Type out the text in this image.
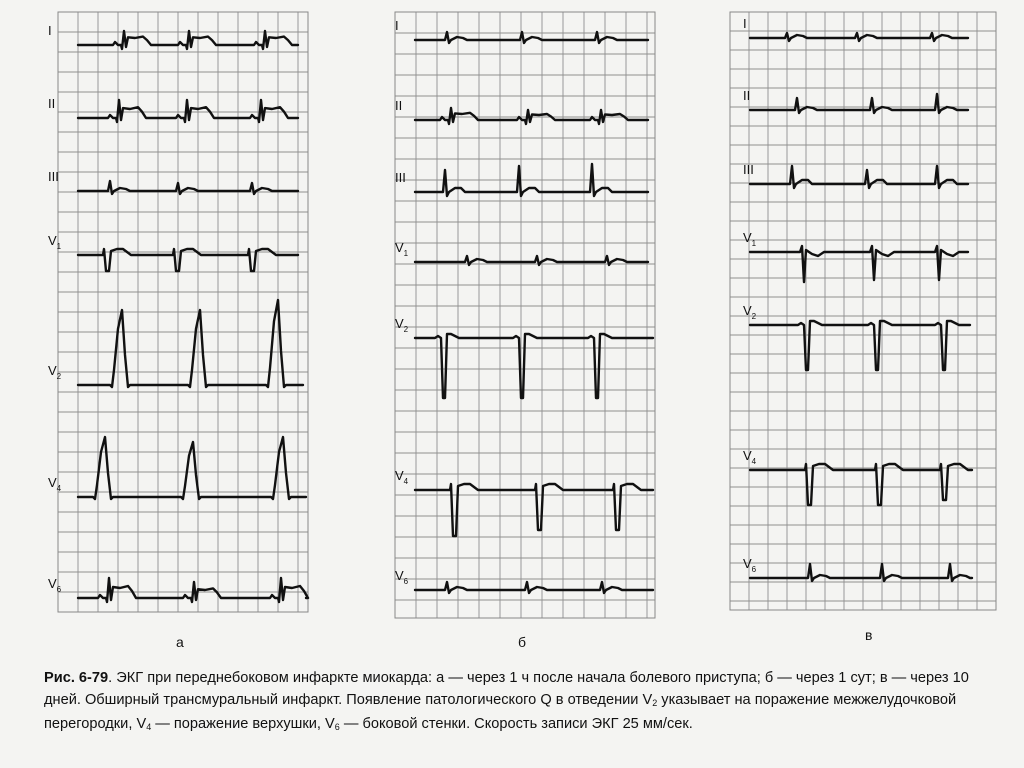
I
II
III
$V_1$
$V_2$
$V_4$
$V_6$
I
II
III
$V_1$
$V_2$
$V_4$
$V_6$
I
II
III
$V_1$
$V_2$
$V_4$
$V_6$
а	б	в
Рис. 6-79. ЭКГ при переднебоковом инфаркте миокарда: а — через 1 ч после начала болевого приступа; б — через 1 сут; в — через 10 дней. Обширный трансмуральный инфаркт. Появление патологического Q в отведении $V_2$ указывает на поражение межжелудочковой перегородки, $V_4$ — поражение верхушки, $V_6$ — боковой стенки. Скорость записи ЭКГ 25 мм/сек.
